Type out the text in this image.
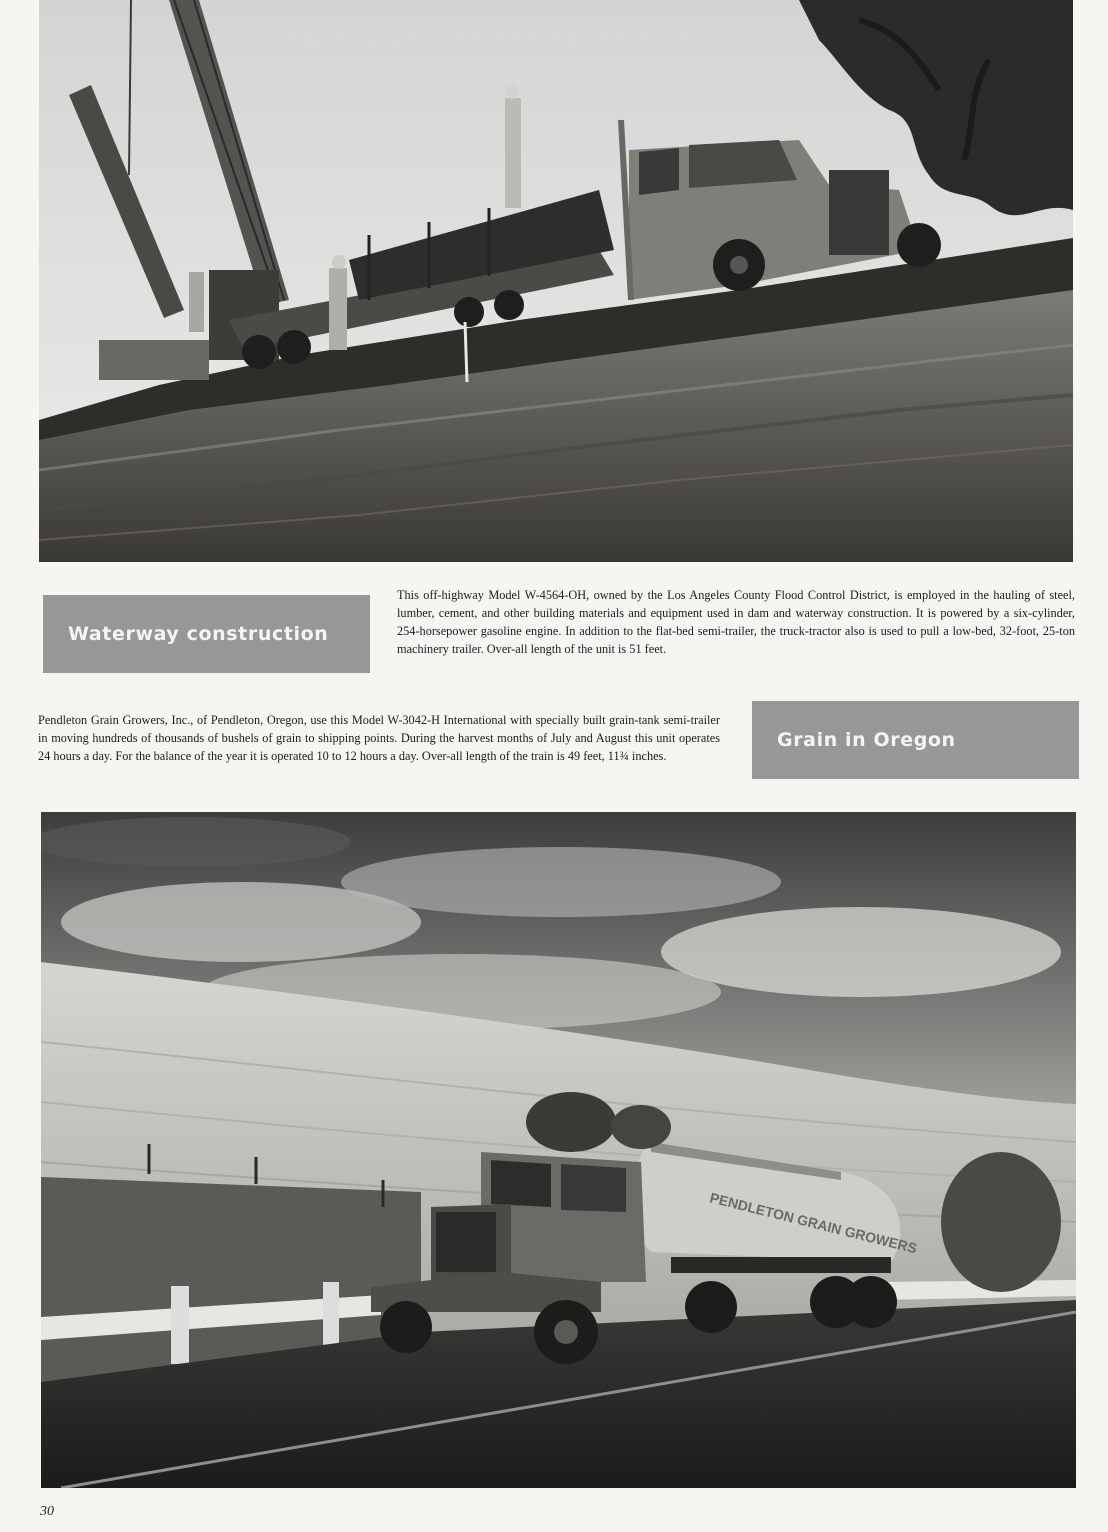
SPECIAL TRUCKS FOR TOUGH GOING
Waterway construction
This off-highway Model W-4564-OH, owned by the Los Angeles County Flood Control District, is employed in the hauling of steel, lumber, cement, and other building materials and equipment used in dam and waterway construction. It is powered by a six-cylinder, 254-horsepower gasoline engine. In addition to the flat-bed semi-trailer, the truck-tractor also is used to pull a low-bed, 32-foot, 25-ton machinery trailer. Over-all length of the unit is 51 feet.
Pendleton Grain Growers, Inc., of Pendleton, Oregon, use this Model W-3042-H International with specially built grain-tank semi-trailer in moving hundreds of thousands of bushels of grain to shipping points. During the harvest months of July and August this unit operates 24 hours a day. For the balance of the year it is operated 10 to 12 hours a day. Over-all length of the train is 49 feet, 11¾ inches.
Grain in Oregon
PENDLETON GRAIN GROWERS
30
